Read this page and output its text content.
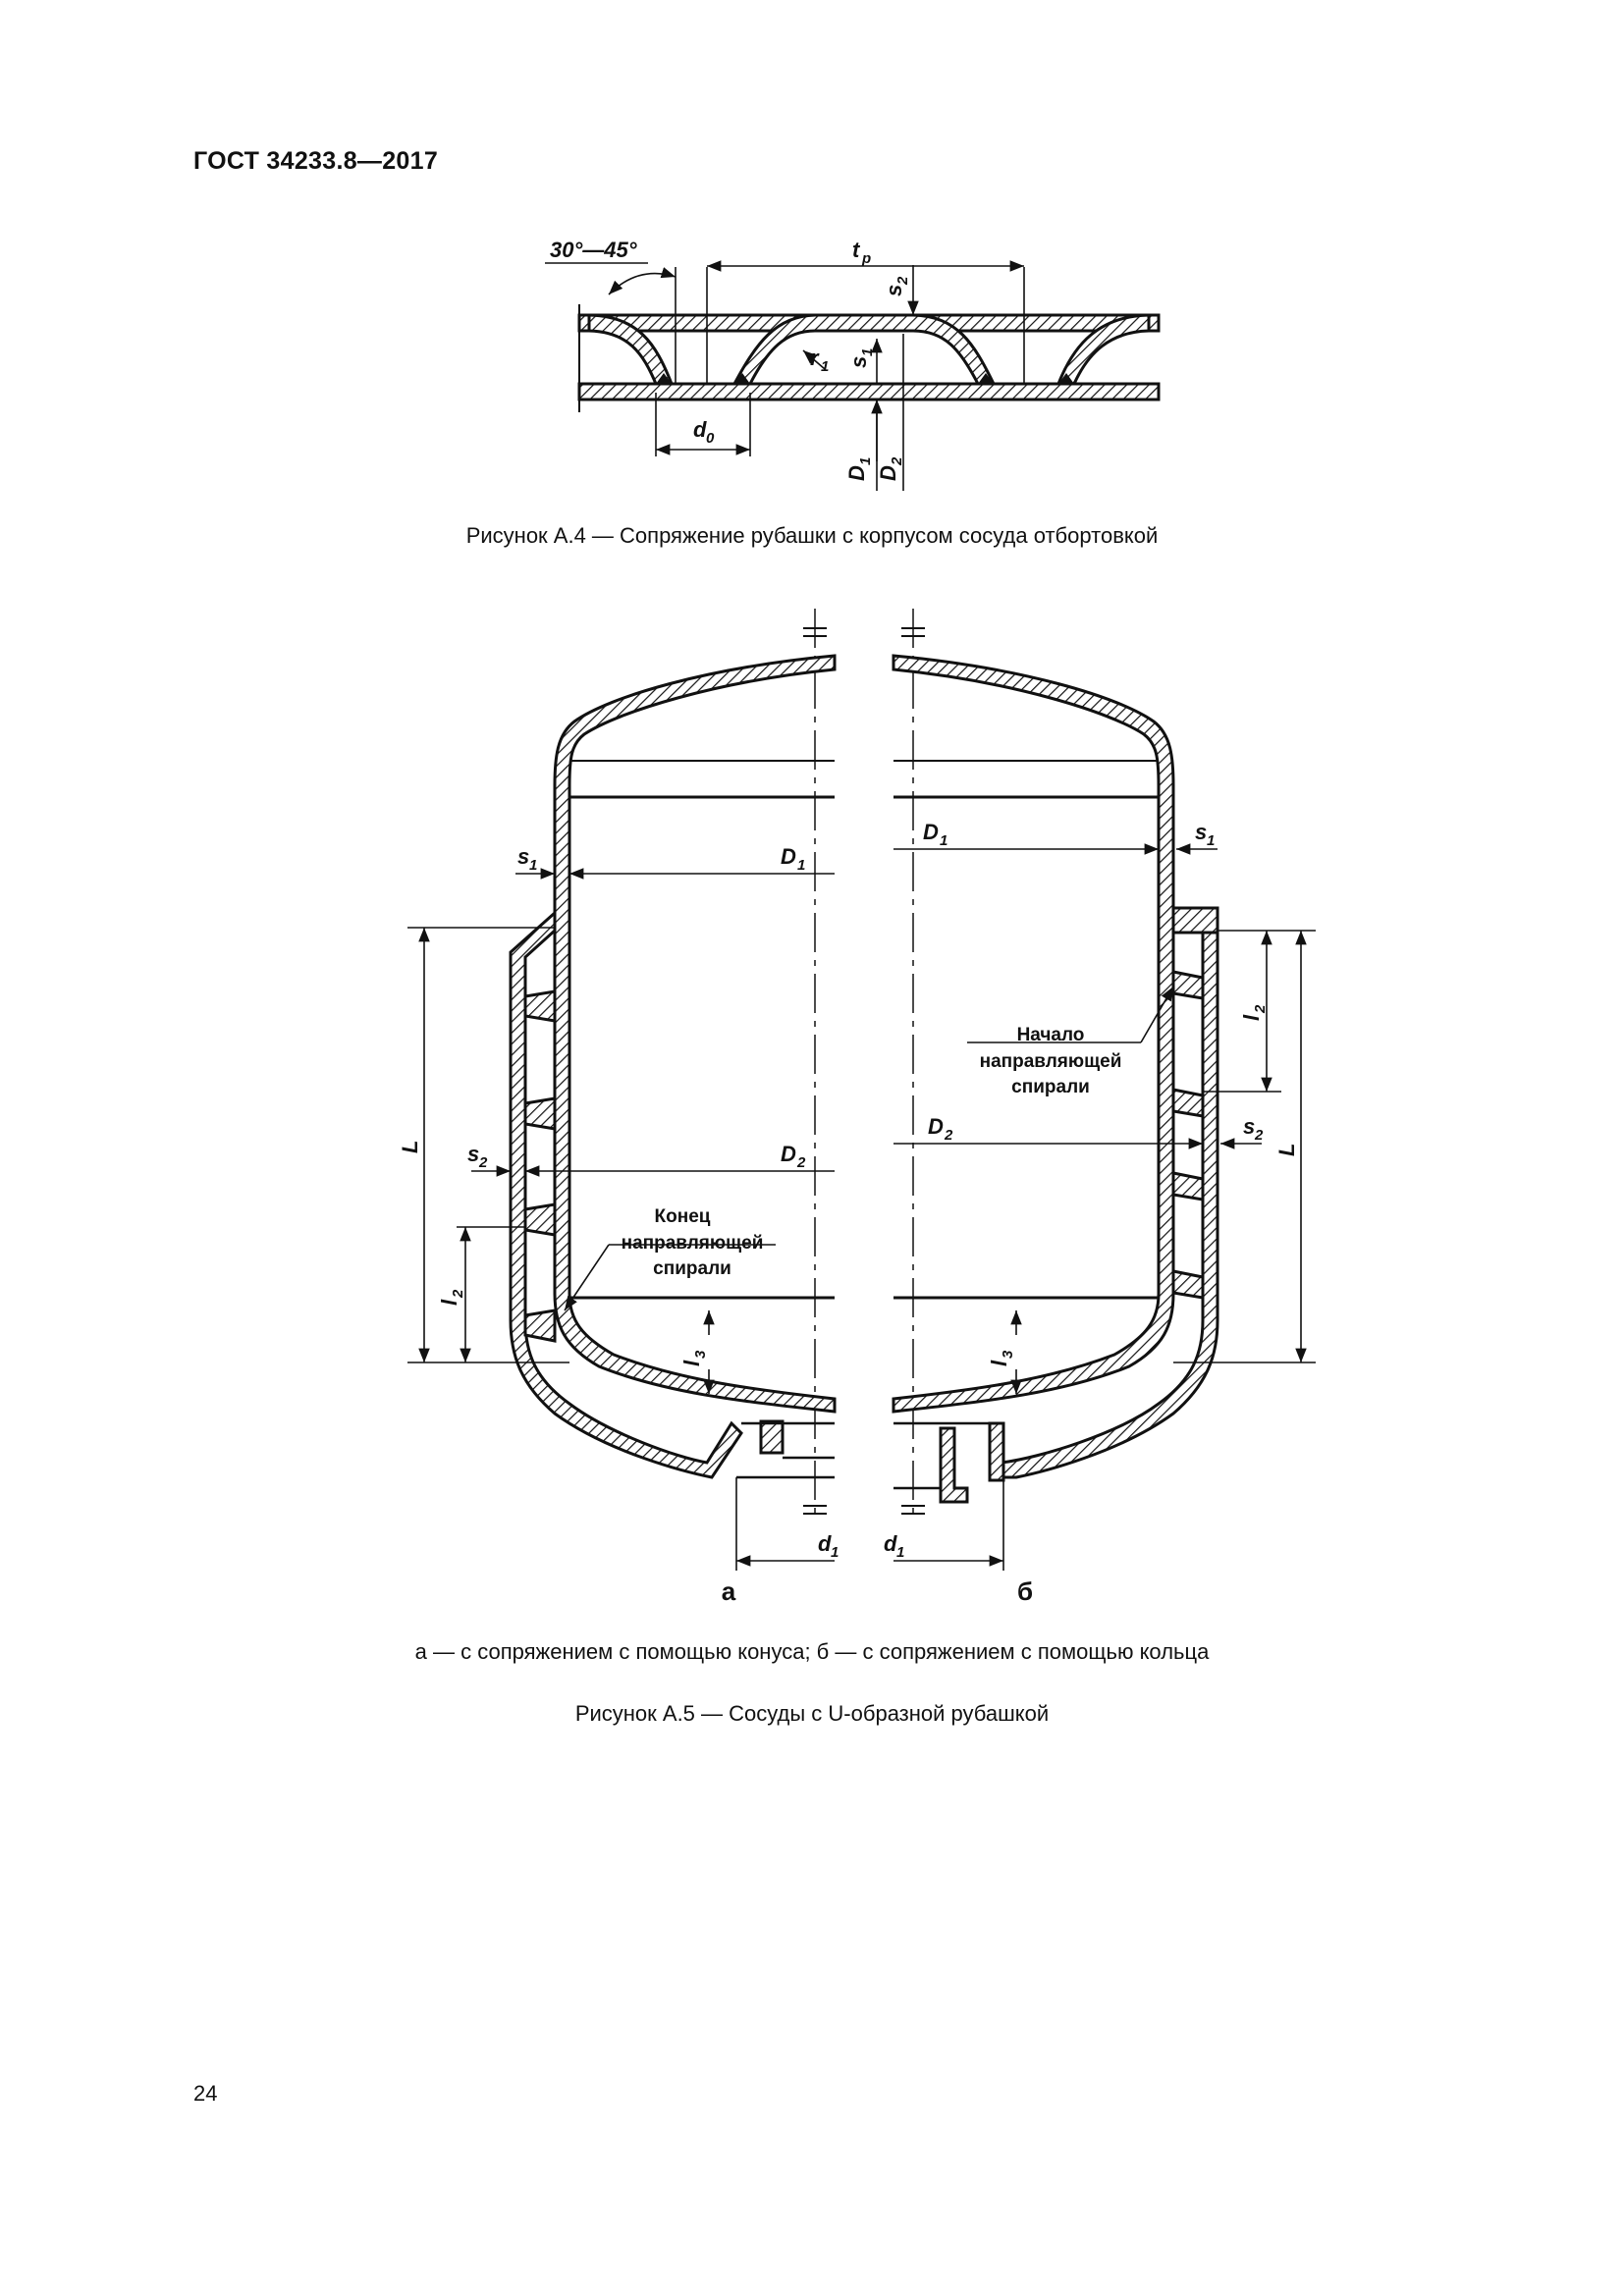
ГОСТ 34233.8—2017
30°—45°	t p
s
2
s
1
r 1
d 0
D
1
D
2
s 1	D 1
D 1	s 1
s 2	D 2
D 2	s 2
L
l
2
l
3
L
l
2
l
3
d 1 d 1
Конец
направляющей
спирали
Начало
направляющей
спирали
а	б
Рисунок А.4 — Сопряжение рубашки с корпусом сосуда отбортовкой
а — с сопряжением с помощью конуса; б — с сопряжением с помощью кольца
Рисунок А.5 — Сосуды с U-образной рубашкой
24
